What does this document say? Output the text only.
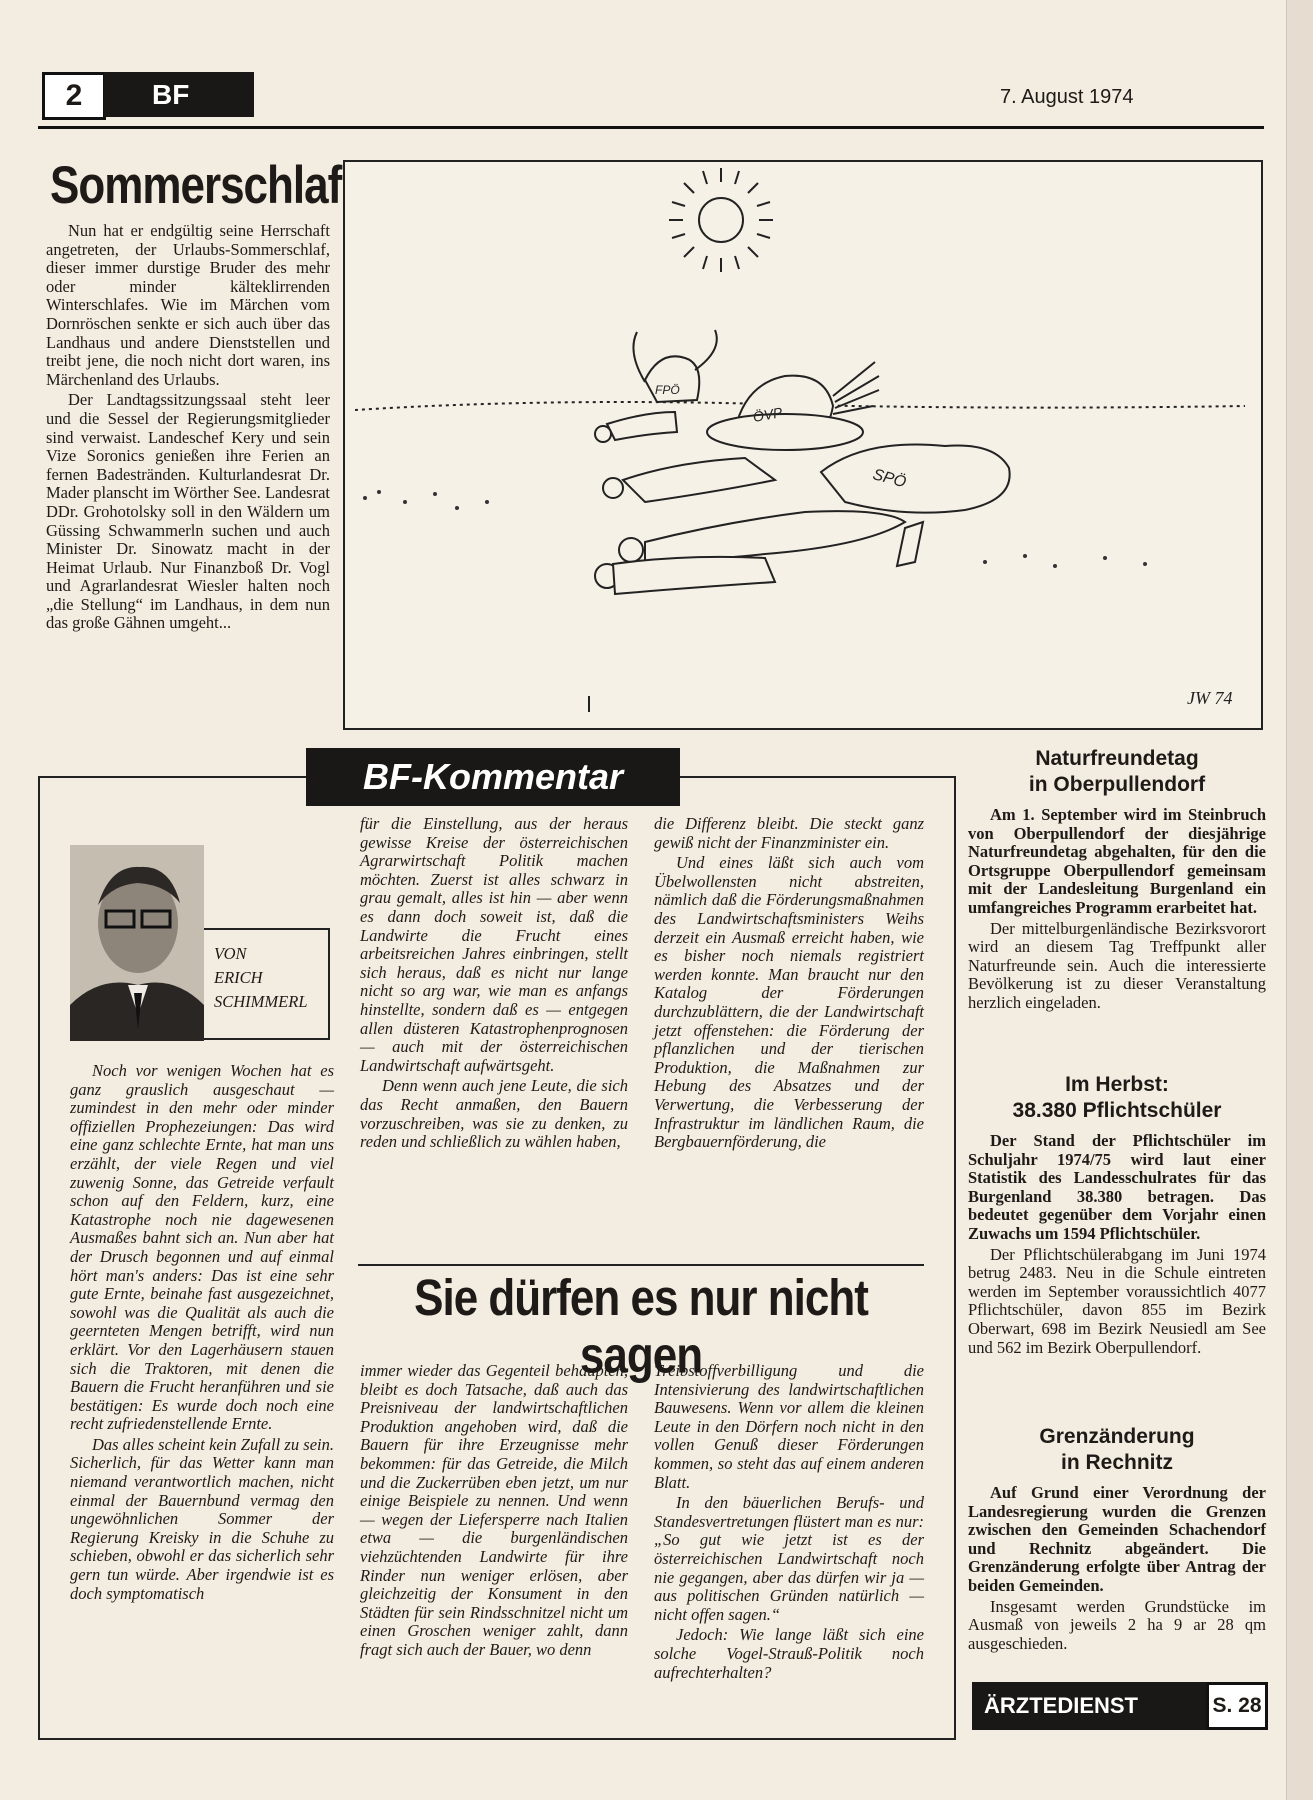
2	BF	7. August 1974
Sommerschlaf

Nun hat er endgültig seine Herrschaft angetreten, der Urlaubs-Sommerschlaf, dieser immer durstige Bruder des mehr oder minder kälteklirrenden Winterschlafes. Wie im Märchen vom Dornröschen senkte er sich auch über das Landhaus und andere Dienststellen und treibt jene, die noch nicht dort waren, ins Märchenland des Urlaubs.

Der Landtagssitzungssaal steht leer und die Sessel der Regierungsmitglieder sind verwaist. Landeschef Kery und sein Vize Soronics genießen ihre Ferien an fernen Badestränden. Kulturlandesrat Dr. Mader planscht im Wörther See. Landesrat DDr. Grohotolsky soll in den Wäldern um Güssing Schwammerln suchen und auch Minister Dr. Sinowatz macht in der Heimat Urlaub. Nur Finanzboß Dr. Vogl und Agrarlandesrat Wiesler halten noch „die Stellung“ im Landhaus, in dem nun das große Gähnen umgeht...

FPÖ
ÖVP
SPÖ
JW 74
BF-Kommentar
VON
ERICH
SCHIMMERL

Noch vor wenigen Wochen hat es ganz grauslich ausgeschaut — zumindest in den mehr oder minder offiziellen Prophezeiungen: Das wird eine ganz schlechte Ernte, hat man uns erzählt, der viele Regen und viel zuwenig Sonne, das Getreide verfault schon auf den Feldern, kurz, eine Katastrophe noch nie dagewesenen Ausmaßes bahnt sich an. Nun aber hat der Drusch begonnen und auf einmal hört man's anders: Das ist eine sehr gute Ernte, beinahe fast ausgezeichnet, sowohl was die Qualität als auch die geernteten Mengen betrifft, wird nun erklärt. Vor den Lagerhäusern stauen sich die Traktoren, mit denen die Bauern die Frucht heranführen und sie bestätigen: Es wurde doch noch eine recht zufriedenstellende Ernte.

Das alles scheint kein Zufall zu sein. Sicherlich, für das Wetter kann man niemand verantwortlich machen, nicht einmal der Bauernbund vermag den ungewöhnlichen Sommer der Regierung Kreisky in die Schuhe zu schieben, obwohl er das sicherlich sehr gern tun würde. Aber irgendwie ist es doch symptomatisch

für die Einstellung, aus der heraus gewisse Kreise der österreichischen Agrarwirtschaft Politik machen möchten. Zuerst ist alles schwarz in grau gemalt, alles ist hin — aber wenn es dann doch soweit ist, daß die Landwirte die Frucht eines arbeitsreichen Jahres einbringen, stellt sich heraus, daß es nicht nur lange nicht so arg war, wie man es anfangs hinstellte, sondern daß es — entgegen allen düsteren Katastrophenprognosen — auch mit der österreichischen Landwirtschaft aufwärtsgeht.

Denn wenn auch jene Leute, die sich das Recht anmaßen, den Bauern vorzuschreiben, was sie zu denken, zu reden und schließlich zu wählen haben,

die Differenz bleibt. Die steckt ganz gewiß nicht der Finanzminister ein.

Und eines läßt sich auch vom Übelwollensten nicht abstreiten, nämlich daß die Förderungsmaßnahmen des Landwirtschaftsministers Weihs derzeit ein Ausmaß erreicht haben, wie es bisher noch niemals registriert werden konnte. Man braucht nur den Katalog der Förderungen durchzublättern, die der Landwirtschaft jetzt offenstehen: die Förderung der pflanzlichen und der tierischen Produktion, die Maßnahmen zur Hebung des Absatzes und der Verwertung, die Verbesserung der Infrastruktur im ländlichen Raum, die Bergbauernförderung, die

Sie dürfen es nur nicht sagen

immer wieder das Gegenteil behaupten, bleibt es doch Tatsache, daß auch das Preisniveau der landwirtschaftlichen Produktion angehoben wird, daß die Bauern für ihre Erzeugnisse mehr bekommen: für das Getreide, die Milch und die Zuckerrüben eben jetzt, um nur einige Beispiele zu nennen. Und wenn — wegen der Liefersperre nach Italien etwa — die burgenländischen viehzüchtenden Landwirte für ihre Rinder nun weniger erlösen, aber gleichzeitig der Konsument in den Städten für sein Rindsschnitzel nicht um einen Groschen weniger zahlt, dann fragt sich auch der Bauer, wo denn

Treibstoffverbilligung und die Intensivierung des landwirtschaftlichen Bauwesens. Wenn vor allem die kleinen Leute in den Dörfern noch nicht in den vollen Genuß dieser Förderungen kommen, so steht das auf einem anderen Blatt.

In den bäuerlichen Berufs- und Standesvertretungen flüstert man es nur: „So gut wie jetzt ist es der österreichischen Landwirtschaft noch nie gegangen, aber das dürfen wir ja — aus politischen Gründen natürlich — nicht offen sagen.“

Jedoch: Wie lange läßt sich eine solche Vogel-Strauß-Politik noch aufrechterhalten?

Naturfreundetag
in Oberpullendorf
Am 1. September wird im Steinbruch von Oberpullendorf der diesjährige Naturfreundetag abgehalten, für den die Ortsgruppe Oberpullendorf gemeinsam mit der Landesleitung Burgenland ein umfangreiches Programm erarbeitet hat.
Der mittelburgenländische Bezirksvorort wird an diesem Tag Treffpunkt aller Naturfreunde sein. Auch die interessierte Bevölkerung ist zu dieser Veranstaltung herzlich eingeladen.
Im Herbst:
38.380 Pflichtschüler
Der Stand der Pflichtschüler im Schuljahr 1974/75 wird laut einer Statistik des Landesschulrates für das Burgenland 38.380 betragen. Das bedeutet gegenüber dem Vorjahr einen Zuwachs um 1594 Pflichtschüler.
Der Pflichtschülerabgang im Juni 1974 betrug 2483. Neu in die Schule eintreten werden im September voraussichtlich 4077 Pflichtschüler, davon 855 im Bezirk Oberwart, 698 im Bezirk Neusiedl am See und 562 im Bezirk Oberpullendorf.
Grenzänderung
in Rechnitz
Auf Grund einer Verordnung der Landesregierung wurden die Grenzen zwischen den Gemeinden Schachendorf und Rechnitz abgeändert. Die Grenzänderung erfolgte über Antrag der beiden Gemeinden.
Insgesamt werden Grundstücke im Ausmaß von jeweils 2 ha 9 ar 28 qm ausgeschieden.
ÄRZTEDIENST	S. 28
